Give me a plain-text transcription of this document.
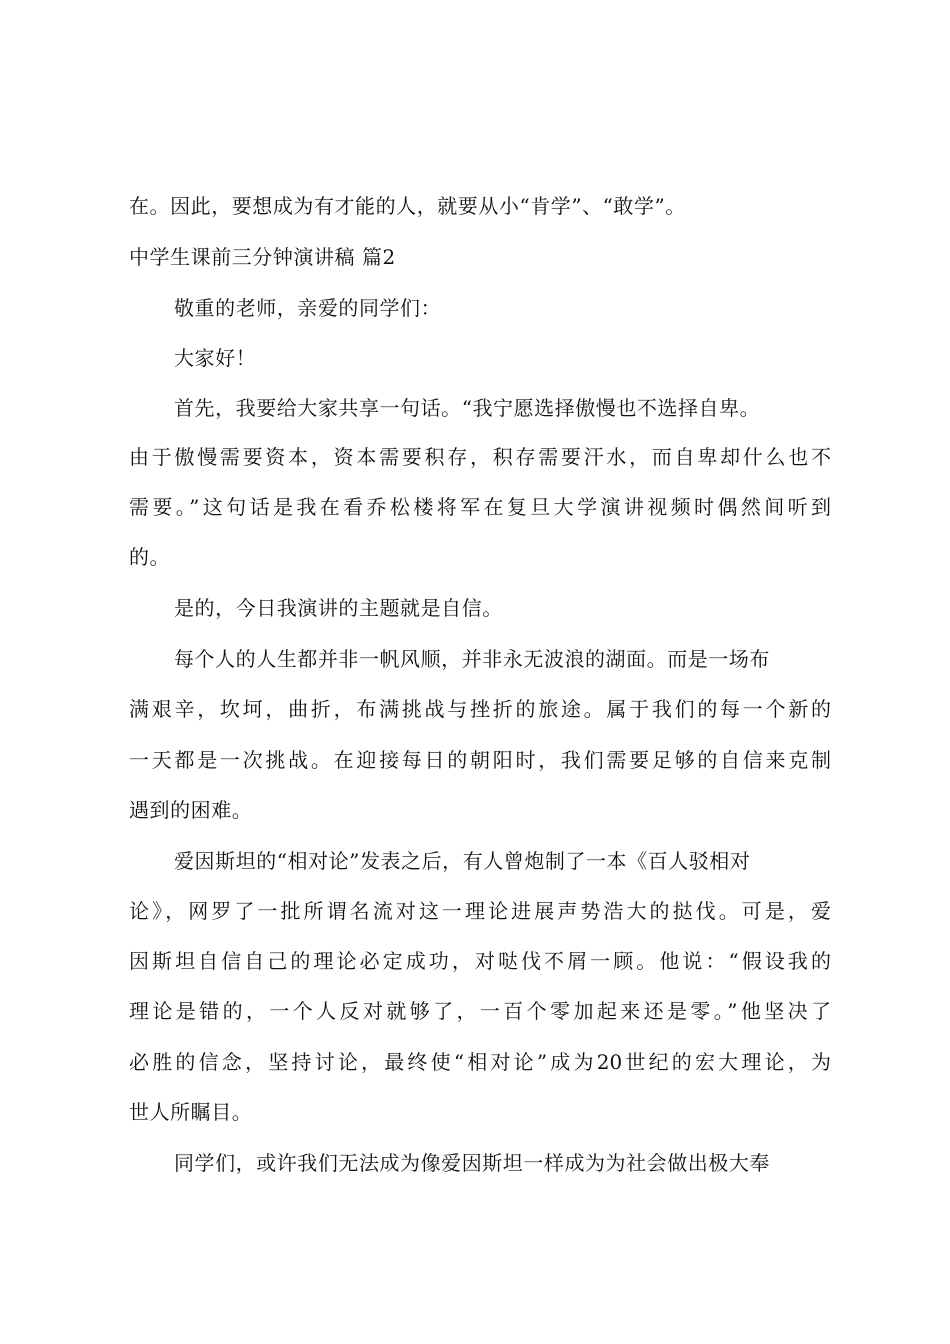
在。因此，要想成为有才能的人，就要从小“肯学”、“敢学”。
中学生课前三分钟演讲稿 篇2
敬重的老师，亲爱的同学们：
大家好！
首先，我要给大家共享一句话。“我宁愿选择傲慢也不选择自卑。
由于傲慢需要资本，资本需要积存，积存需要汗水，而自卑却什么也不
需要。”这句话是我在看乔松楼将军在复旦大学演讲视频时偶然间听到
的。
是的，今日我演讲的主题就是自信。
每个人的人生都并非一帆风顺，并非永无波浪的湖面。而是一场布
满艰辛，坎坷，曲折，布满挑战与挫折的旅途。属于我们的每一个新的
一天都是一次挑战。在迎接每日的朝阳时，我们需要足够的自信来克制
遇到的困难。
爱因斯坦的“相对论”发表之后，有人曾炮制了一本《百人驳相对
论》，网罗了一批所谓名流对这一理论进展声势浩大的挞伐。可是，爱
因斯坦自信自己的理论必定成功，对哒伐不屑一顾。他说：“假设我的
理论是错的，一个人反对就够了，一百个零加起来还是零。”他坚决了
必胜的信念，坚持讨论，最终使“相对论”成为20世纪的宏大理论，为
世人所瞩目。
同学们，或许我们无法成为像爱因斯坦一样成为为社会做出极大奉
